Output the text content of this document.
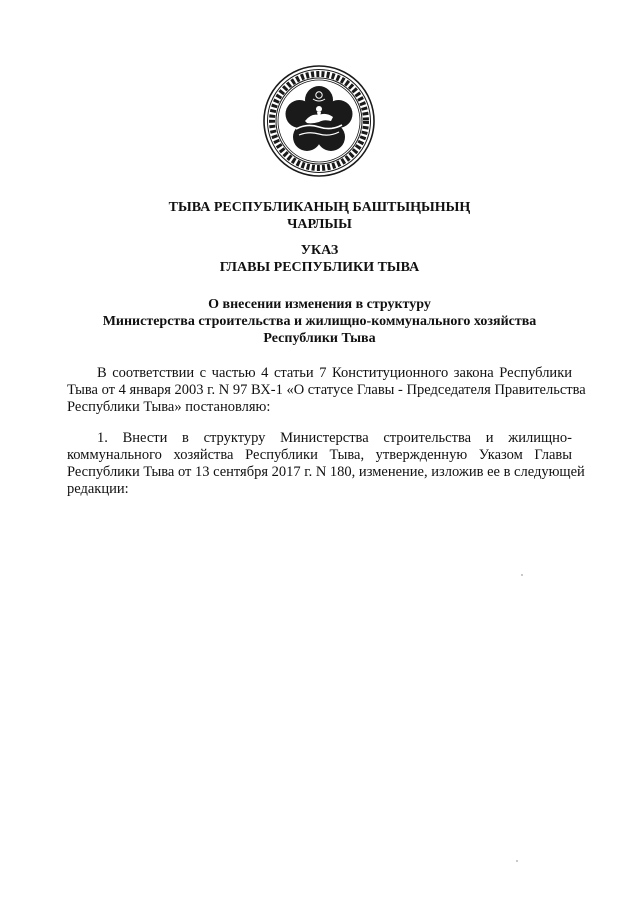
ТЫВА РЕСПУБЛИКАНЫҢ БАШТЫҢЫНЫҢ
ЧАРЛЫЫ
УКАЗ
ГЛАВЫ РЕСПУБЛИКИ ТЫВА
О внесении изменения в структуру
Министерства строительства и жилищно-коммунального хозяйства
Республики Тыва
В соответствии с частью 4 статьи 7 Конституционного закона Республики
Тыва от 4 января 2003 г. N 97 ВХ-1 «О статусе Главы - Председателя Правительства
Республики Тыва» постановляю:
1. Внести в структуру Министерства строительства и жилищно-
коммунального хозяйства Республики Тыва, утвержденную Указом Главы
Республики Тыва от 13 сентября 2017 г. N 180, изменение, изложив ее в следующей
редакции:
